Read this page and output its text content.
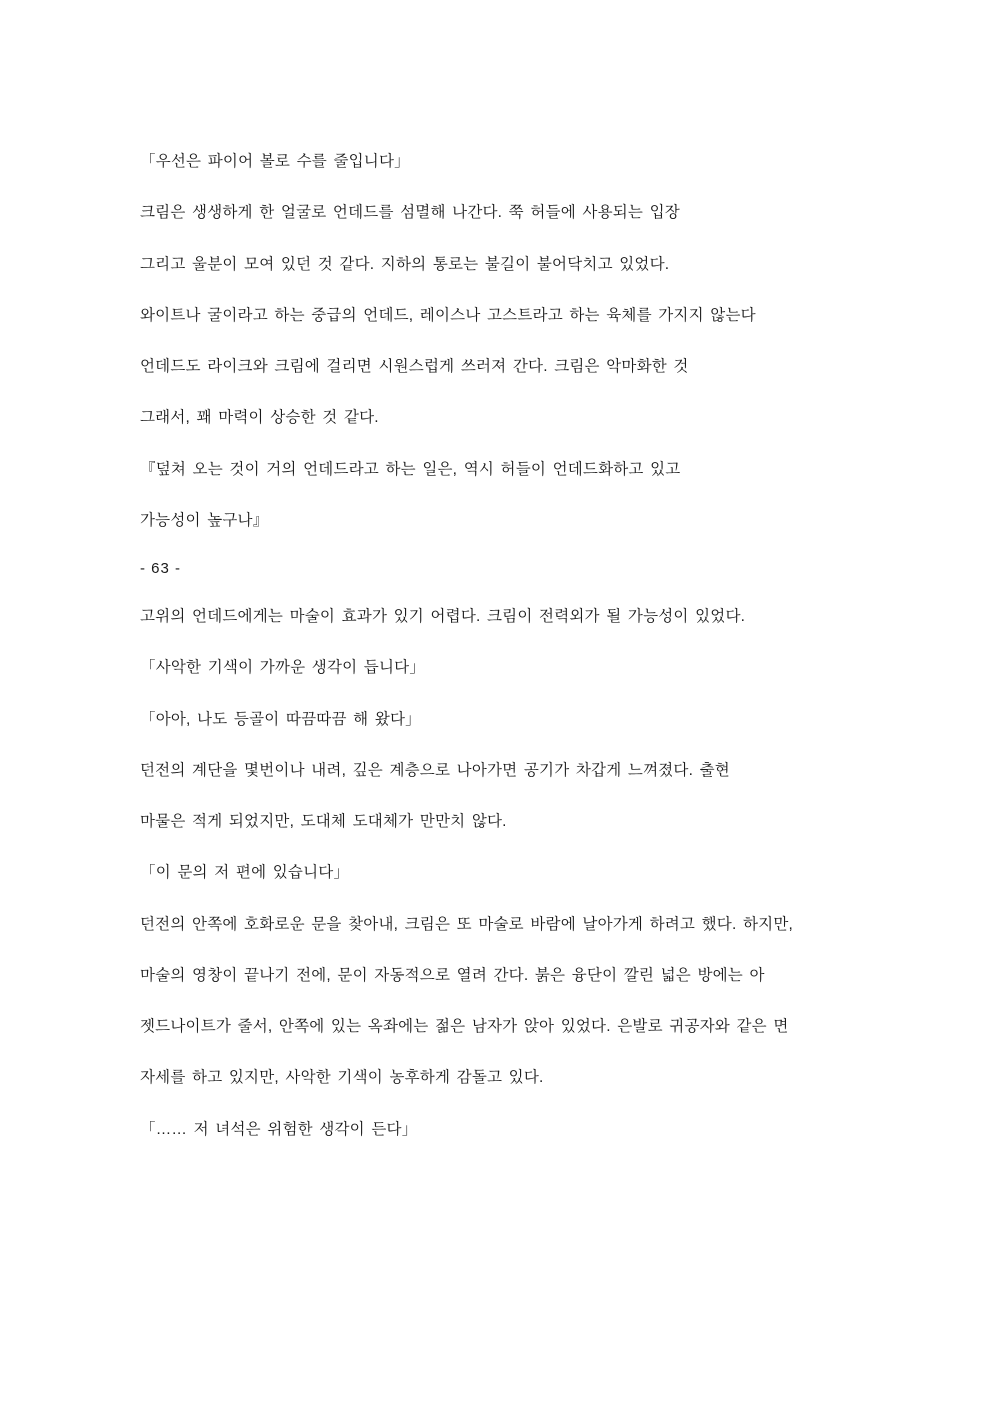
「우선은 파이어 볼로 수를 줄입니다」
크림은 생생하게 한 얼굴로 언데드를 섬멸해 나간다. 쭉 허들에 사용되는 입장
그리고 울분이 모여 있던 것 같다. 지하의 통로는 불길이 불어닥치고 있었다.
와이트나 굴이라고 하는 중급의 언데드, 레이스나 고스트라고 하는 육체를 가지지 않는다
언데드도 라이크와 크림에 걸리면 시원스럽게 쓰러져 간다. 크림은 악마화한 것
그래서, 꽤 마력이 상승한 것 같다.
『덮쳐 오는 것이 거의 언데드라고 하는 일은, 역시 허들이 언데드화하고 있고
가능성이 높구나』
- 63 -
고위의 언데드에게는 마술이 효과가 있기 어렵다. 크림이 전력외가 될 가능성이 있었다.
「사악한 기색이 가까운 생각이 듭니다」
「아아, 나도 등골이 따끔따끔 해 왔다」
던전의 계단을 몇번이나 내려, 깊은 계층으로 나아가면 공기가 차갑게 느껴졌다. 출현
마물은 적게 되었지만, 도대체 도대체가 만만치 않다.
「이 문의 저 편에 있습니다」
던전의 안쪽에 호화로운 문을 찾아내, 크림은 또 마술로 바람에 날아가게 하려고 했다. 하지만,
마술의 영창이 끝나기 전에, 문이 자동적으로 열려 간다. 붉은 융단이 깔린 넓은 방에는 아
젯드나이트가 줄서, 안쪽에 있는 옥좌에는 젊은 남자가 앉아 있었다. 은발로 귀공자와 같은 면
자세를 하고 있지만, 사악한 기색이 농후하게 감돌고 있다.
「…… 저 녀석은 위험한 생각이 든다」
